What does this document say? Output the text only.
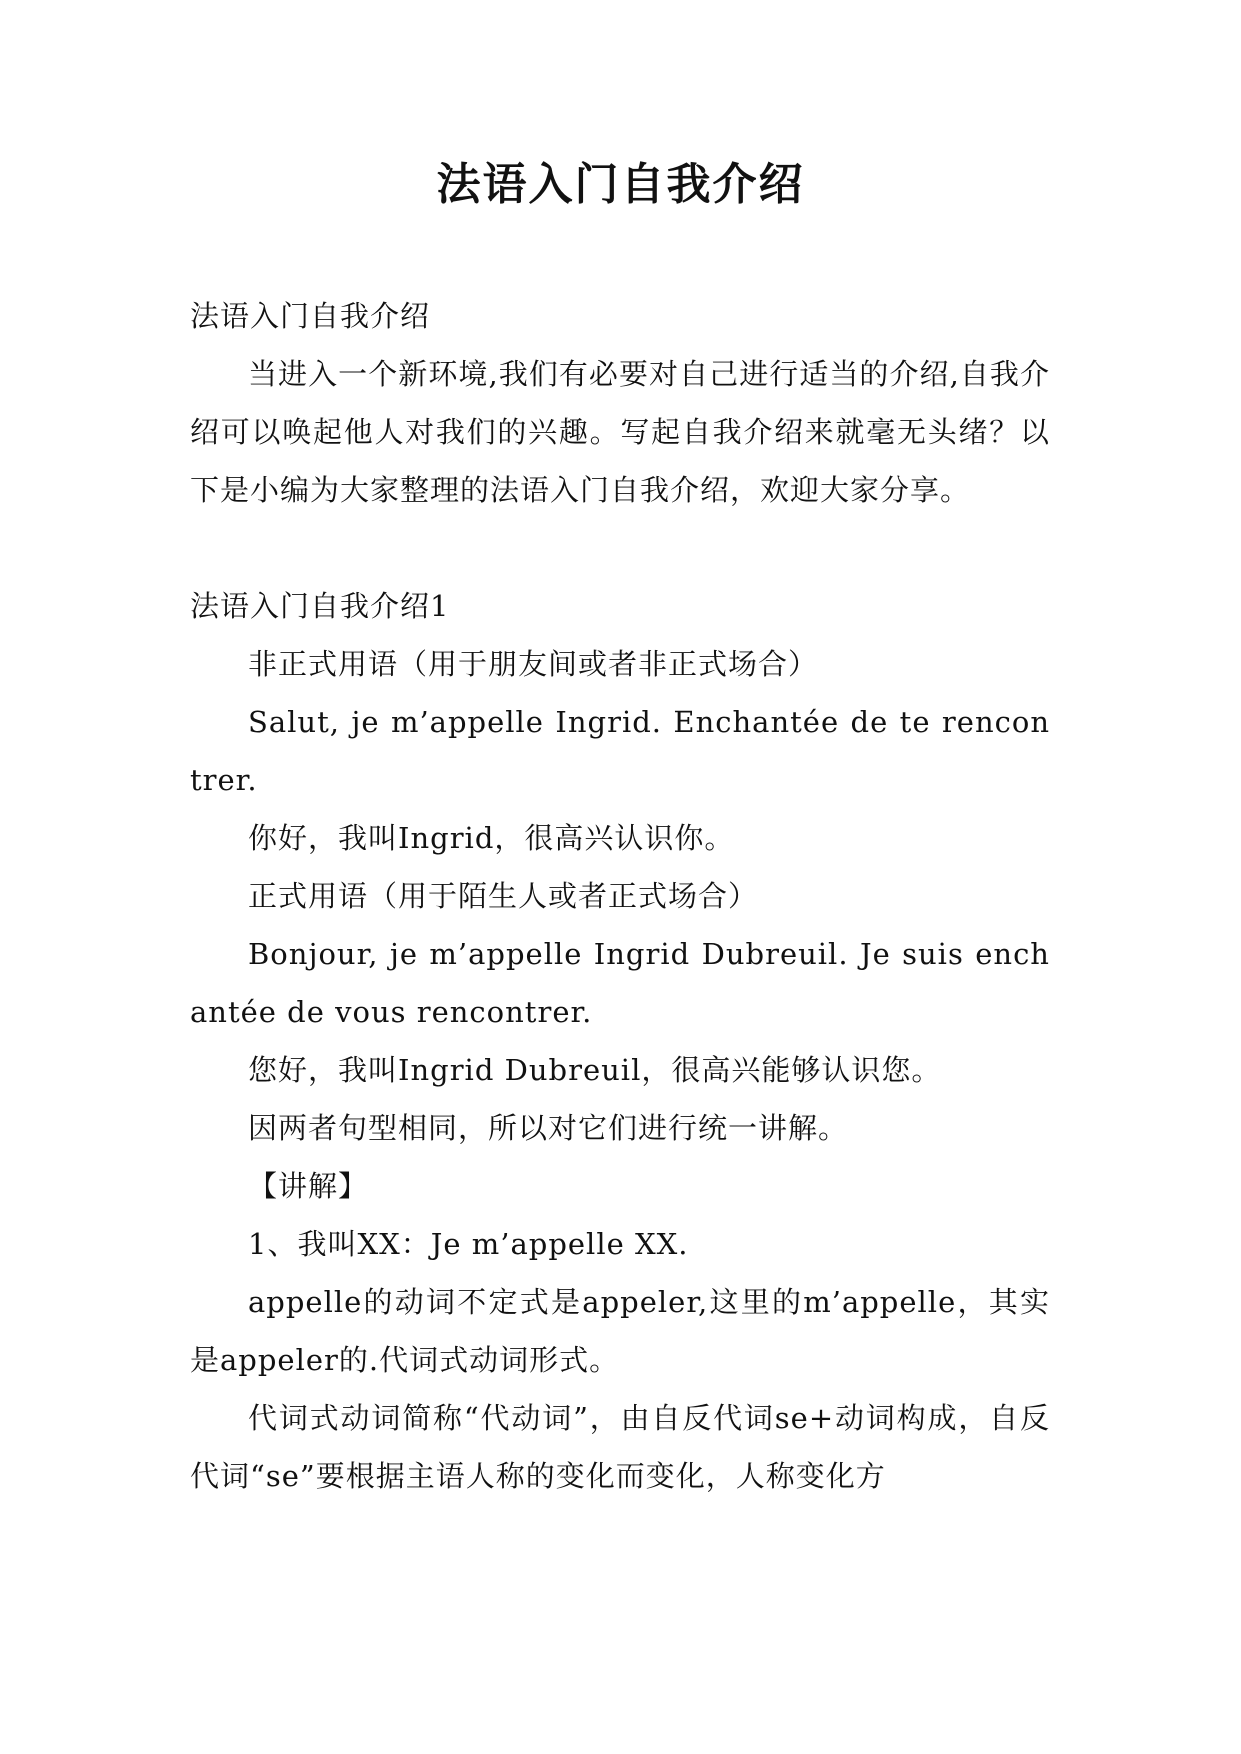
法语入门自我介绍

法语入门自我介绍

当进入一个新环境,我们有必要对自己进行适当的介绍,自我介绍可以唤起他人对我们的兴趣。写起自我介绍来就毫无头绪？以下是小编为大家整理的法语入门自我介绍，欢迎大家分享。

法语入门自我介绍1

非正式用语（用于朋友间或者非正式场合）

Salut, je m’appelle Ingrid. Enchantée de te rencontrer.

你好，我叫Ingrid，很高兴认识你。

正式用语（用于陌生人或者正式场合）

Bonjour, je m’appelle Ingrid Dubreuil. Je suis enchantée de vous rencontrer.

您好，我叫Ingrid Dubreuil，很高兴能够认识您。

因两者句型相同，所以对它们进行统一讲解。

【讲解】

1、我叫XX：Je m’appelle XX.

appelle的动词不定式是appeler,这里的m’appelle，其实是appeler的.代词式动词形式。

代词式动词简称“代动词”，由自反代词se+动词构成，自反代词“se”要根据主语人称的变化而变化，人称变化方
